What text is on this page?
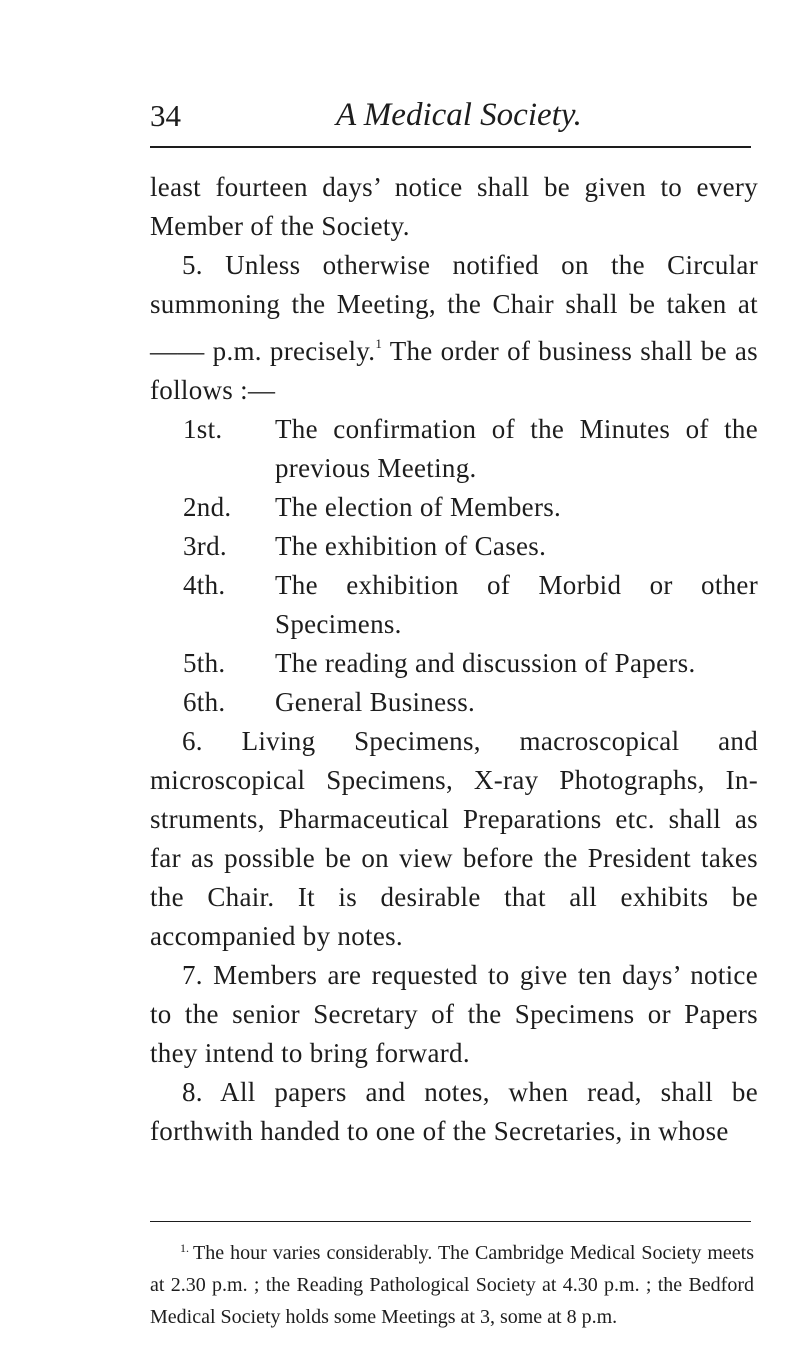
34	A Medical Society.

least fourteen days’ notice shall be given to every Member of the Society.

5. Unless otherwise notified on the Circular summoning the Meeting, the Chair shall be taken at —— p.m. precisely.$^1$ The order of business shall be as follows :—

1st.	The confirmation of the Minutes of the previous Meeting.
2nd.	The election of Members.
3rd.	The exhibition of Cases.
4th.	The exhibition of Morbid or other Specimens.
5th.	The reading and discussion of Papers.
6th.	General Business.

6. Living Specimens, macroscopical and microscopical Specimens, X-ray Photographs, In-struments, Pharmaceutical Preparations etc. shall as far as possible be on view before the President takes the Chair. It is desirable that all exhibits be accompanied by notes.

7. Members are requested to give ten days’ notice to the senior Secretary of the Specimens or Papers they intend to bring forward.

8. All papers and notes, when read, shall be forthwith handed to one of the Secretaries, in whose

$^{1.}$ The hour varies considerably. The Cambridge Medical Society meets at 2.30 p.m. ; the Reading Pathological Society at 4.30 p.m. ; the Bedford Medical Society holds some Meetings at 3, some at 8 p.m.
